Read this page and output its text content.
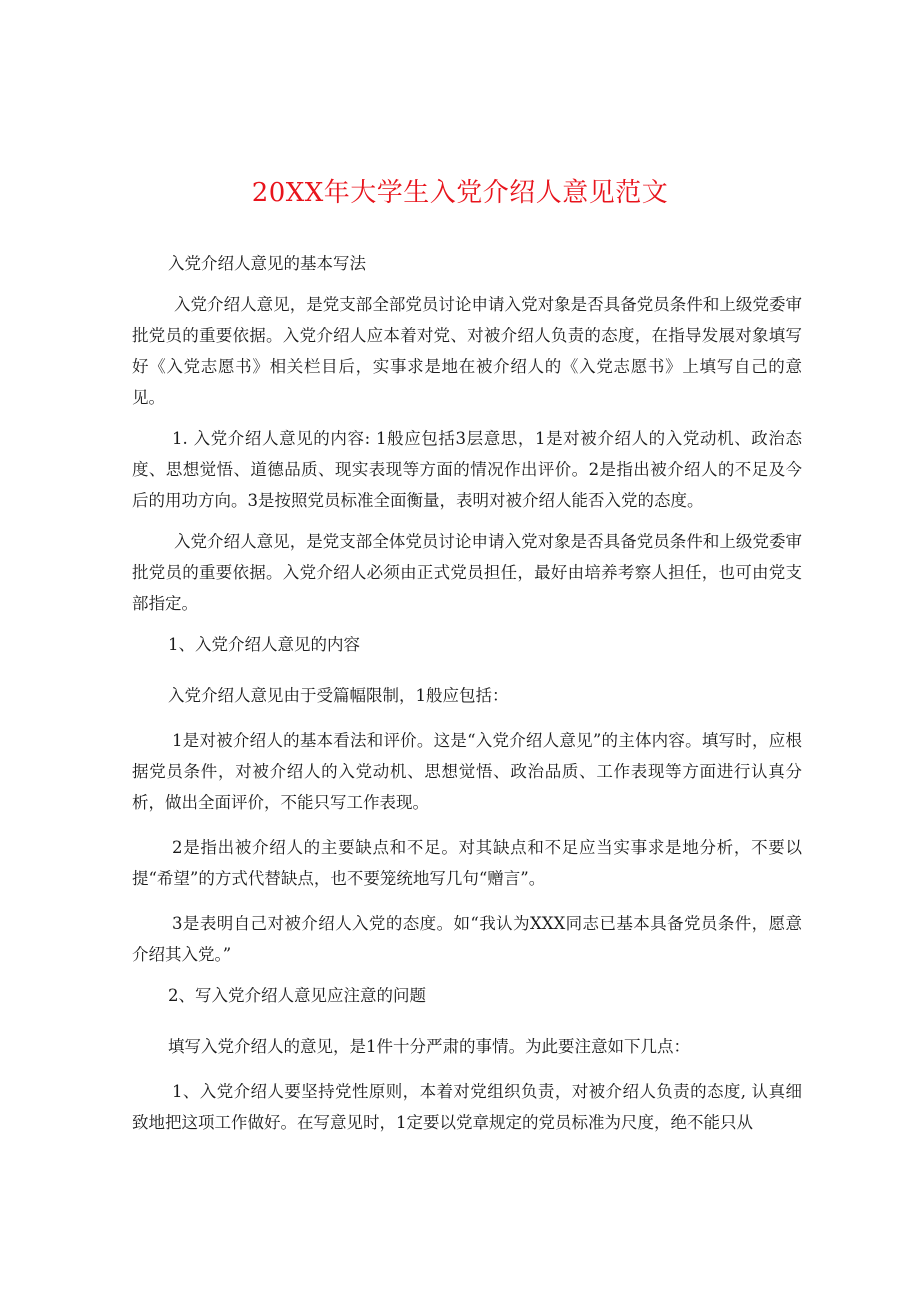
20XX年大学生入党介绍人意见范文

入党介绍人意见的基本写法

入党介绍人意见，是党支部全部党员讨论申请入党对象是否具备党员条件和上级党委审批党员的重要依据。入党介绍人应本着对党、对被介绍人负责的态度，在指导发展对象填写好《入党志愿书》相关栏目后，实事求是地在被介绍人的《入党志愿书》上填写自己的意见。

1. 入党介绍人意见的内容: 1般应包括3层意思，1是对被介绍人的入党动机、政治态度、思想觉悟、道德品质、现实表现等方面的情况作出评价。2是指出被介绍人的不足及今后的用功方向。3是按照党员标准全面衡量，表明对被介绍人能否入党的态度。

入党介绍人意见，是党支部全体党员讨论申请入党对象是否具备党员条件和上级党委审批党员的重要依据。入党介绍人必须由正式党员担任，最好由培养考察人担任，也可由党支部指定。

1、入党介绍人意见的内容

入党介绍人意见由于受篇幅限制，1般应包括：

1是对被介绍人的基本看法和评价。这是“入党介绍人意见”的主体内容。填写时，应根据党员条件，对被介绍人的入党动机、思想觉悟、政治品质、工作表现等方面进行认真分析，做出全面评价，不能只写工作表现。

2是指出被介绍人的主要缺点和不足。对其缺点和不足应当实事求是地分析，不要以提“希望”的方式代替缺点，也不要笼统地写几句“赠言”。

3是表明自己对被介绍人入党的态度。如“我认为XXX同志已基本具备党员条件，愿意介绍其入党。”

2、写入党介绍人意见应注意的问题

填写入党介绍人的意见，是1件十分严肃的事情。为此要注意如下几点：

1、入党介绍人要坚持党性原则，本着对党组织负责，对被介绍人负责的态度, 认真细致地把这项工作做好。在写意见时，1定要以党章规定的党员标准为尺度，绝不能只从
